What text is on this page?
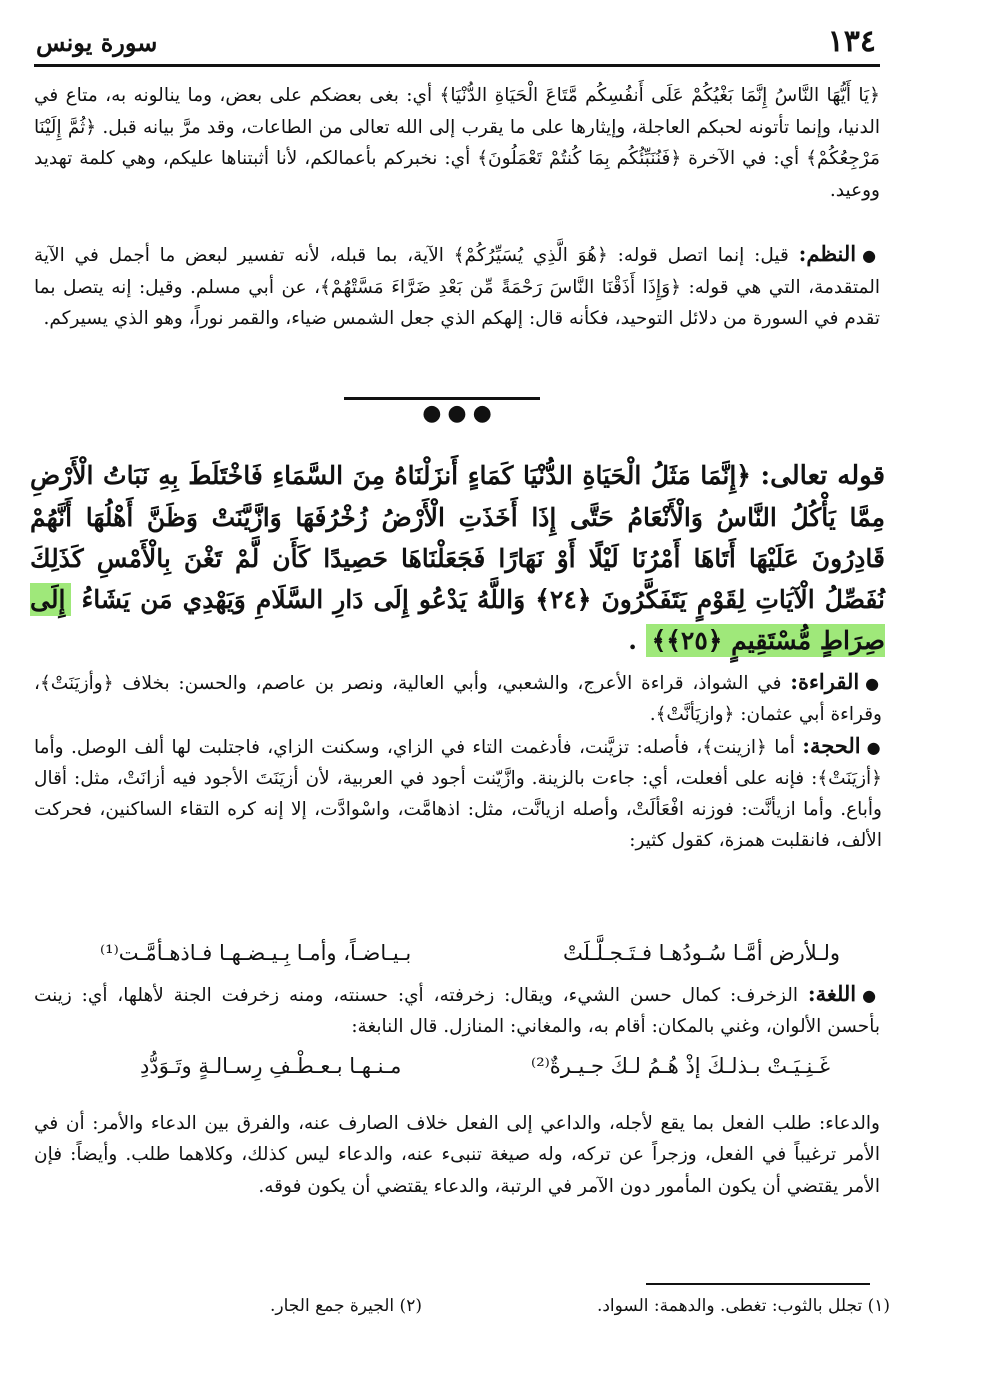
١٣٤
سورة يونس

﴿يَا أَيُّهَا النَّاسُ إِنَّمَا بَغْيُكُمْ عَلَى أَنفُسِكُم مَّتَاعَ الْحَيَاةِ الدُّنْيَا﴾ أي: بغى بعضكم على بعض، وما ينالونه به، متاع في الدنيا، وإنما تأتونه لحبكم العاجلة، وإيثارها على ما يقرب إلى الله تعالى من الطاعات، وقد مرَّ بيانه قبل. ﴿ثُمَّ إِلَيْنَا مَرْجِعُكُمْ﴾ أي: في الآخرة ﴿فَنُنَبِّئُكُم بِمَا كُنتُمْ تَعْمَلُونَ﴾ أي: نخبركم بأعمالكم، لأنا أثبتناها عليكم، وهي كلمة تهديد ووعيد.

●النظم: قيل: إنما اتصل قوله: ﴿هُوَ الَّذِي يُسَيِّرُكُمْ﴾ الآية، بما قبله، لأنه تفسير لبعض ما أجمل في الآية المتقدمة، التي هي قوله: ﴿وَإِذَا أَذَقْنَا النَّاسَ رَحْمَةً مِّن بَعْدِ ضَرَّاءَ مَسَّتْهُمْ﴾، عن أبي مسلم. وقيل: إنه يتصل بما تقدم في السورة من دلائل التوحيد، فكأنه قال: إلهكم الذي جعل الشمس ضياء، والقمر نوراً، وهو الذي يسيركم.

●●●

قوله تعالى: ﴿إِنَّمَا مَثَلُ الْحَيَاةِ الدُّنْيَا كَمَاءٍ أَنزَلْنَاهُ مِنَ السَّمَاءِ فَاخْتَلَطَ بِهِ نَبَاتُ الْأَرْضِ مِمَّا يَأْكُلُ النَّاسُ وَالْأَنْعَامُ حَتَّى إِذَا أَخَذَتِ الْأَرْضُ زُخْرُفَهَا وَازَّيَّنَتْ وَظَنَّ أَهْلُهَا أَنَّهُمْ قَادِرُونَ عَلَيْهَا أَتَاهَا أَمْرُنَا لَيْلًا أَوْ نَهَارًا فَجَعَلْنَاهَا حَصِيدًا كَأَن لَّمْ تَغْنَ بِالْأَمْسِ كَذَلِكَ نُفَصِّلُ الْآيَاتِ لِقَوْمٍ يَتَفَكَّرُونَ ﴿٢٤﴾ وَاللَّهُ يَدْعُو إِلَى دَارِ السَّلَامِ وَيَهْدِي مَن يَشَاءُ إِلَى صِرَاطٍ مُّسْتَقِيمٍ ﴿٢٥﴾﴾ .

●القراءة: في الشواذ، قراءة الأعرج، والشعبي، وأبي العالية، ونصر بن عاصم، والحسن: بخلاف ﴿وأزيَنَتْ﴾، وقراءة أبي عثمان: ﴿وازيَأنَّتْ﴾.

●الحجة: أما ﴿ازينت﴾، فأصله: تزيَّنت، فأدغمت التاء في الزاي، وسكنت الزاي، فاجتلبت لها ألف الوصل. وأما ﴿أزيَنَتْ﴾: فإنه على أفعلت، أي: جاءت بالزينة. وازَّيّنت أجود في العربية، لأن أزيَنَتَ الأجود فيه أزانَتْ، مثل: أقال وأباع. وأما ازيأنَّت: فوزنه افْعَألَتْ، وأصله ازيانَّت، مثل: اذهامَّت، واسْوادَّت، إلا إنه كره التقاء الساكنين، فحركت الألف، فانقلبت همزة، كقول كثير:

ولـلأرض أمَّـا سُـودُهـا فـتَـجـلَّـلَتْ
بـيـاضـاً، وأمـا بِـيـضـهـا فـاذهـأمَّـت⁽¹⁾

●اللغة: الزخرف: كمال حسن الشيء، ويقال: زخرفته، أي: حسنته، ومنه زخرفت الجنة لأهلها، أي: زينت بأحسن الألوان، وغني بالمكان: أقام به، والمغاني: المنازل. قال النابغة:

غَـنِـيَـتْ بـذلـكَ إذْ هُـمُ لـكَ جـيـرةٌ⁽²⁾
مـنـهـا بـعـطْـفِ رِسـالـةٍ وتَـوَدُّدِ

والدعاء: طلب الفعل بما يقع لأجله، والداعي إلى الفعل خلاف الصارف عنه، والفرق بين الدعاء والأمر: أن في الأمر ترغيباً في الفعل، وزجراً عن تركه، وله صيغة تنبىء عنه، والدعاء ليس كذلك، وكلاهما طلب. وأيضاً: فإن الأمر يقتضي أن يكون المأمور دون الآمر في الرتبة، والدعاء يقتضي أن يكون فوقه.

(١) تجلل بالثوب: تغطى. والدهمة: السواد.
(٢) الجيرة جمع الجار.
